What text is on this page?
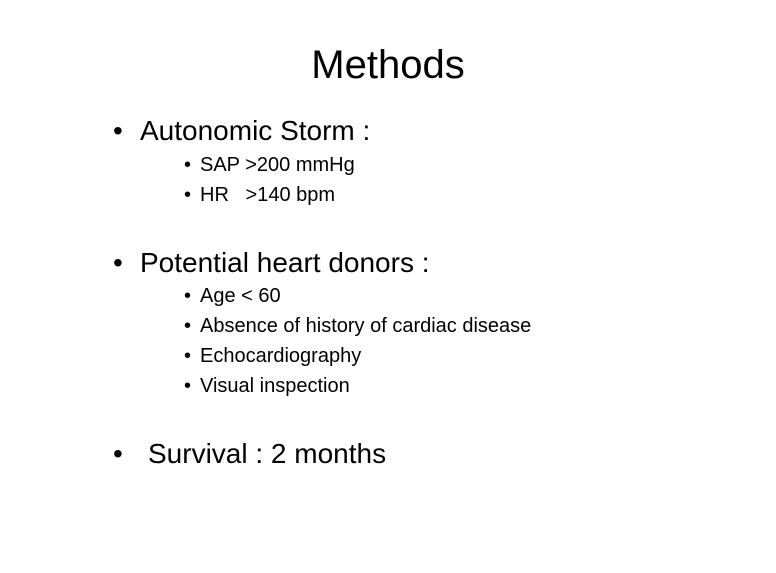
Methods

•

Autonomic Storm :

•

SAP >200 mmHg

•

HR   >140 bpm

•

Potential heart donors :

•

Age < 60

•

Absence of history of cardiac disease

•

Echocardiography

•

Visual inspection

•

Survival : 2 months
